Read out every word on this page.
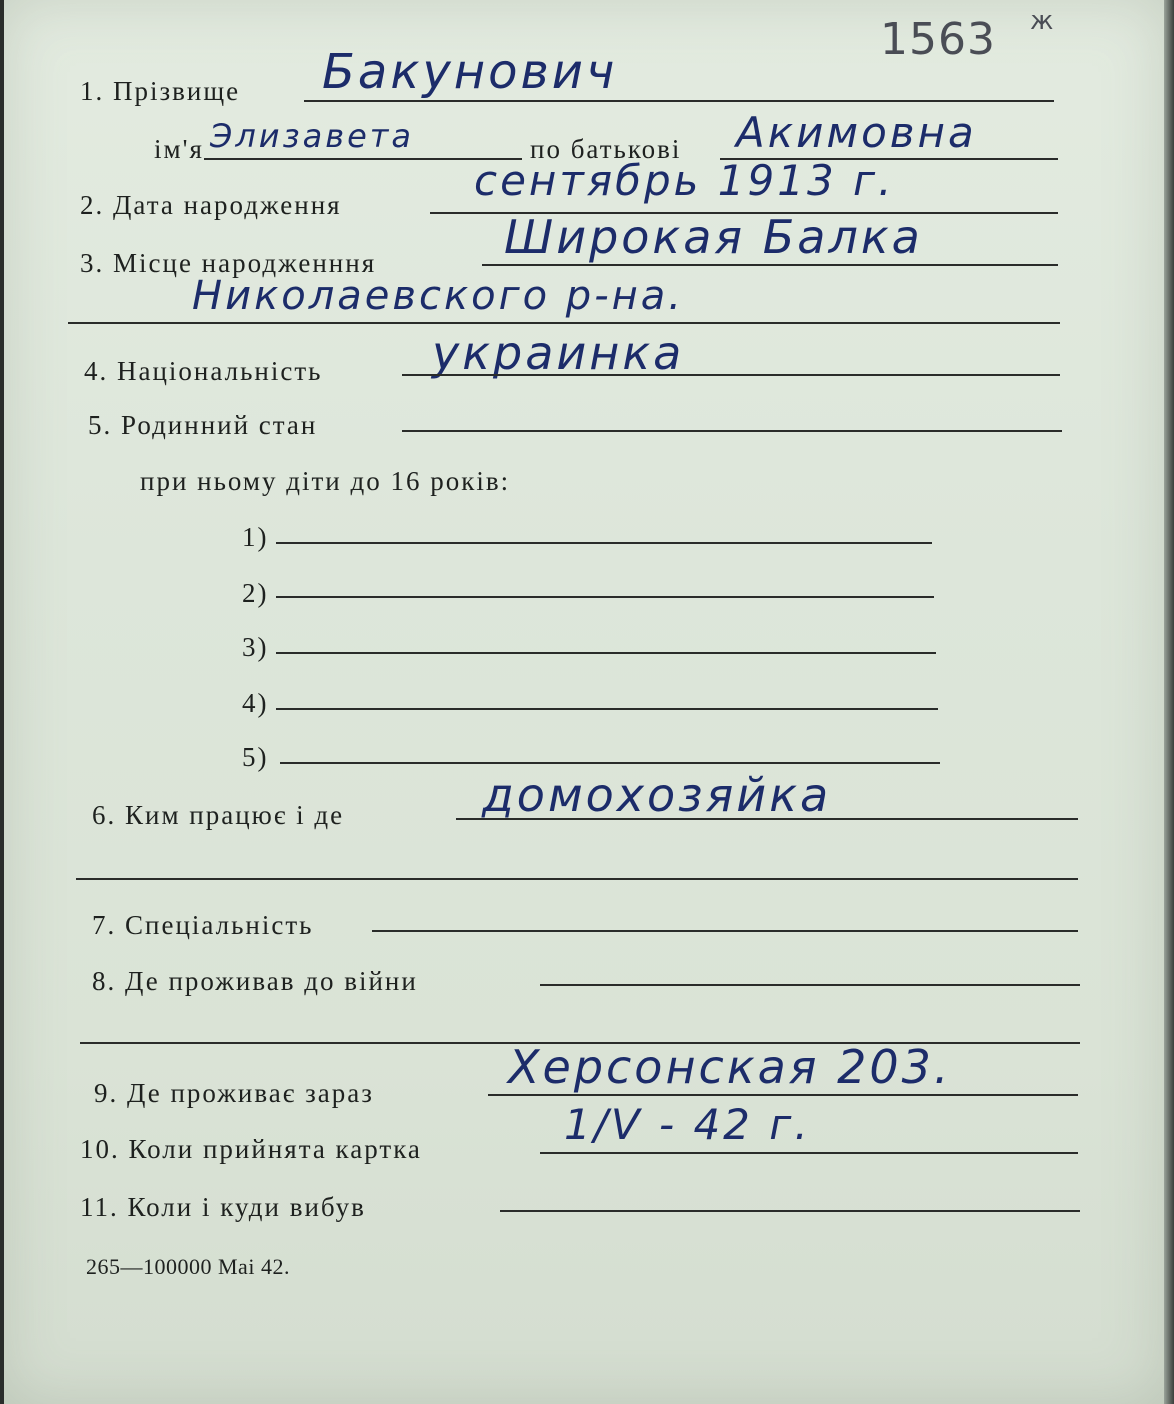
1563 ж
1. Прізвище Бакунович
ім'я Элизавета	по батькові Акимовна
2. Дата народження	сентябрь 1913 г.
3. Місце народженння	Широкая Балка
Николаевского р-на.
4. Національність украинка
5. Родинний стан
при ньому діти до 16 років:
1)
2)
3)
4)
5)
6. Ким працює і де	домохозяйка
7. Спеціальність
8. Де проживав до війни
9. Де проживає зараз	Херсонская 203.
10. Коли прийнята картка	1/V - 42 г.
11. Коли і куди вибув
265—100000 Маі 42.
